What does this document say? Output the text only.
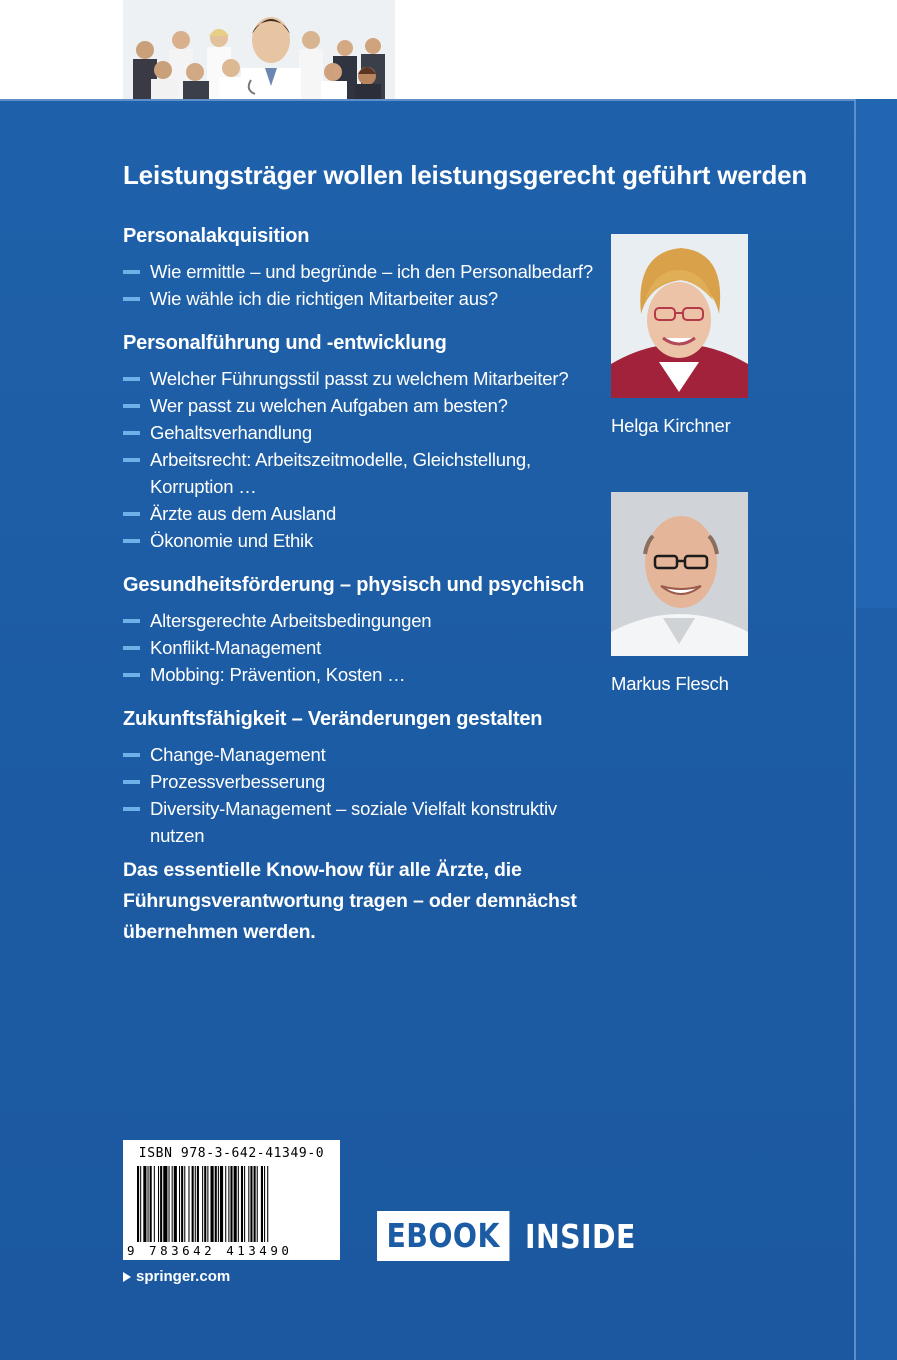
Leistungsträger wollen leistungsgerecht geführt werden
Personalakquisition
Wie ermittle – und begründe – ich den Personalbedarf?
Wie wähle ich die richtigen Mitarbeiter aus?
Personalführung und -entwicklung
Welcher Führungsstil passt zu welchem Mitarbeiter?
Wer passt zu welchen Aufgaben am besten?
Gehaltsverhandlung
Arbeitsrecht: Arbeitszeitmodelle, Gleichstellung,
Korruption …
Ärzte aus dem Ausland
Ökonomie und Ethik
Gesundheitsförderung – physisch und psychisch
Altersgerechte Arbeitsbedingungen
Konflikt-Management
Mobbing: Prävention, Kosten …
Zukunftsfähigkeit – Veränderungen gestalten
Change-Management
Prozessverbesserung
Diversity-Management – soziale Vielfalt konstruktiv
nutzen
Das essentielle Know-how für alle Ärzte, die
Führungsverantwortung tragen – oder demnächst
übernehmen werden.
Helga Kirchner
Markus Flesch
ISBN 978-3-642-41349-0
9 783642 413490	EBOOK INSIDE
springer.com
